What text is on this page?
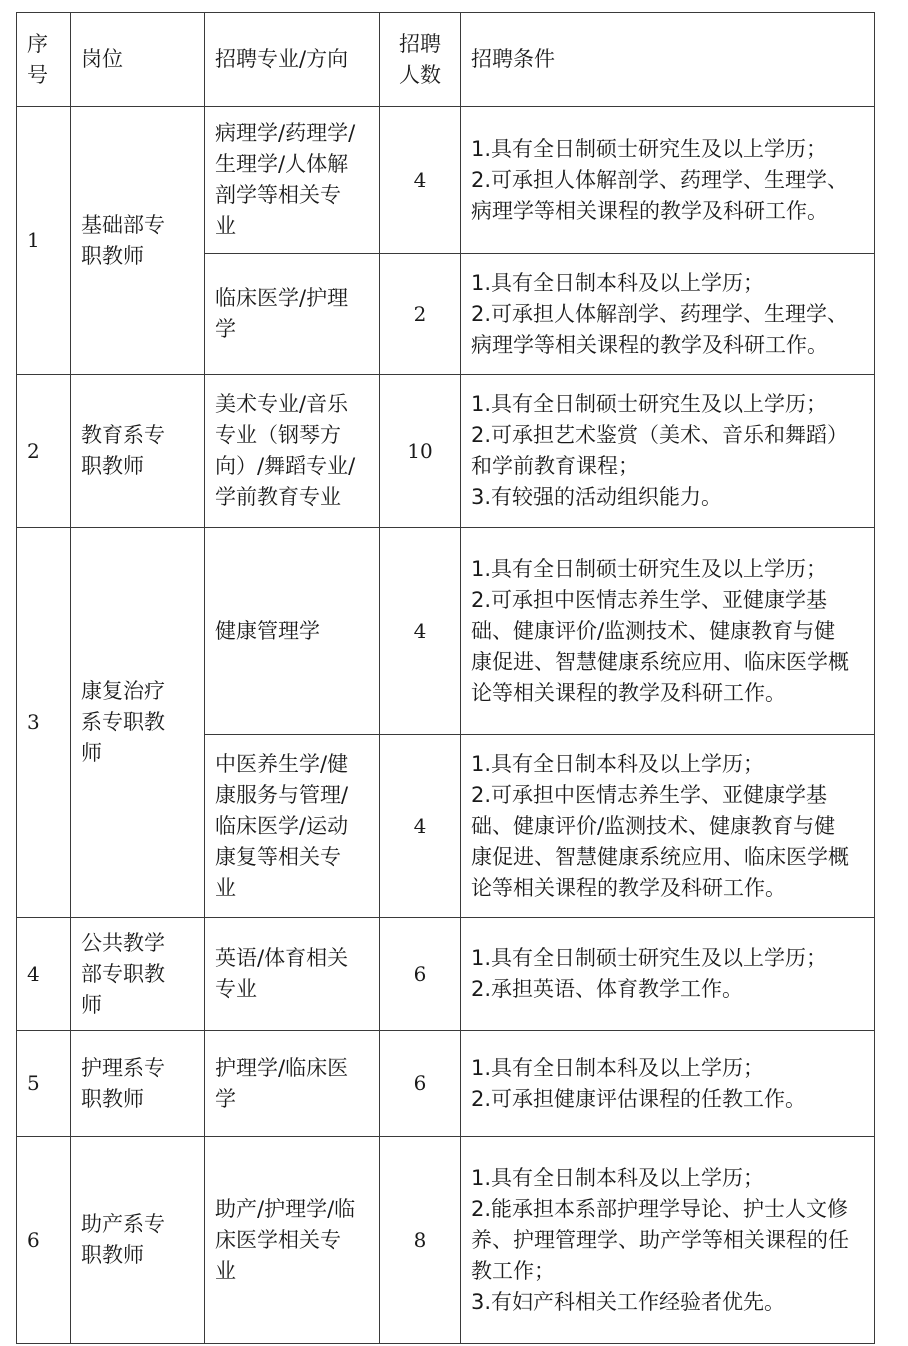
序
号	岗位	招聘专业/方向	招聘
人数	招聘条件

1	基础部专
职教师	病理学/药理学/
生理学/人体解
剖学等相关专
业	4	1.具有全日制硕士研究生及以上学历；
2.可承担人体解剖学、药理学、生理学、
病理学等相关课程的教学及科研工作。

		临床医学/护理
学	2	1.具有全日制本科及以上学历；
2.可承担人体解剖学、药理学、生理学、
病理学等相关课程的教学及科研工作。

2	教育系专
职教师	美术专业/音乐
专业（钢琴方
向）/舞蹈专业/
学前教育专业	10	1.具有全日制硕士研究生及以上学历；
2.可承担艺术鉴赏（美术、音乐和舞蹈）
和学前教育课程；
3.有较强的活动组织能力。

3	康复治疗
系专职教
师	健康管理学	4	1.具有全日制硕士研究生及以上学历；
2.可承担中医情志养生学、亚健康学基
础、健康评价/监测技术、健康教育与健
康促进、智慧健康系统应用、临床医学概
论等相关课程的教学及科研工作。

		中医养生学/健
康服务与管理/
临床医学/运动
康复等相关专
业	4	1.具有全日制本科及以上学历；
2.可承担中医情志养生学、亚健康学基
础、健康评价/监测技术、健康教育与健
康促进、智慧健康系统应用、临床医学概
论等相关课程的教学及科研工作。

4	公共教学
部专职教
师	英语/体育相关
专业	6	1.具有全日制硕士研究生及以上学历；
2.承担英语、体育教学工作。

5	护理系专
职教师	护理学/临床医
学	6	1.具有全日制本科及以上学历；
2.可承担健康评估课程的任教工作。

6	助产系专
职教师	助产/护理学/临
床医学相关专
业	8	1.具有全日制本科及以上学历；
2.能承担本系部护理学导论、护士人文修
养、护理管理学、助产学等相关课程的任
教工作；
3.有妇产科相关工作经验者优先。
